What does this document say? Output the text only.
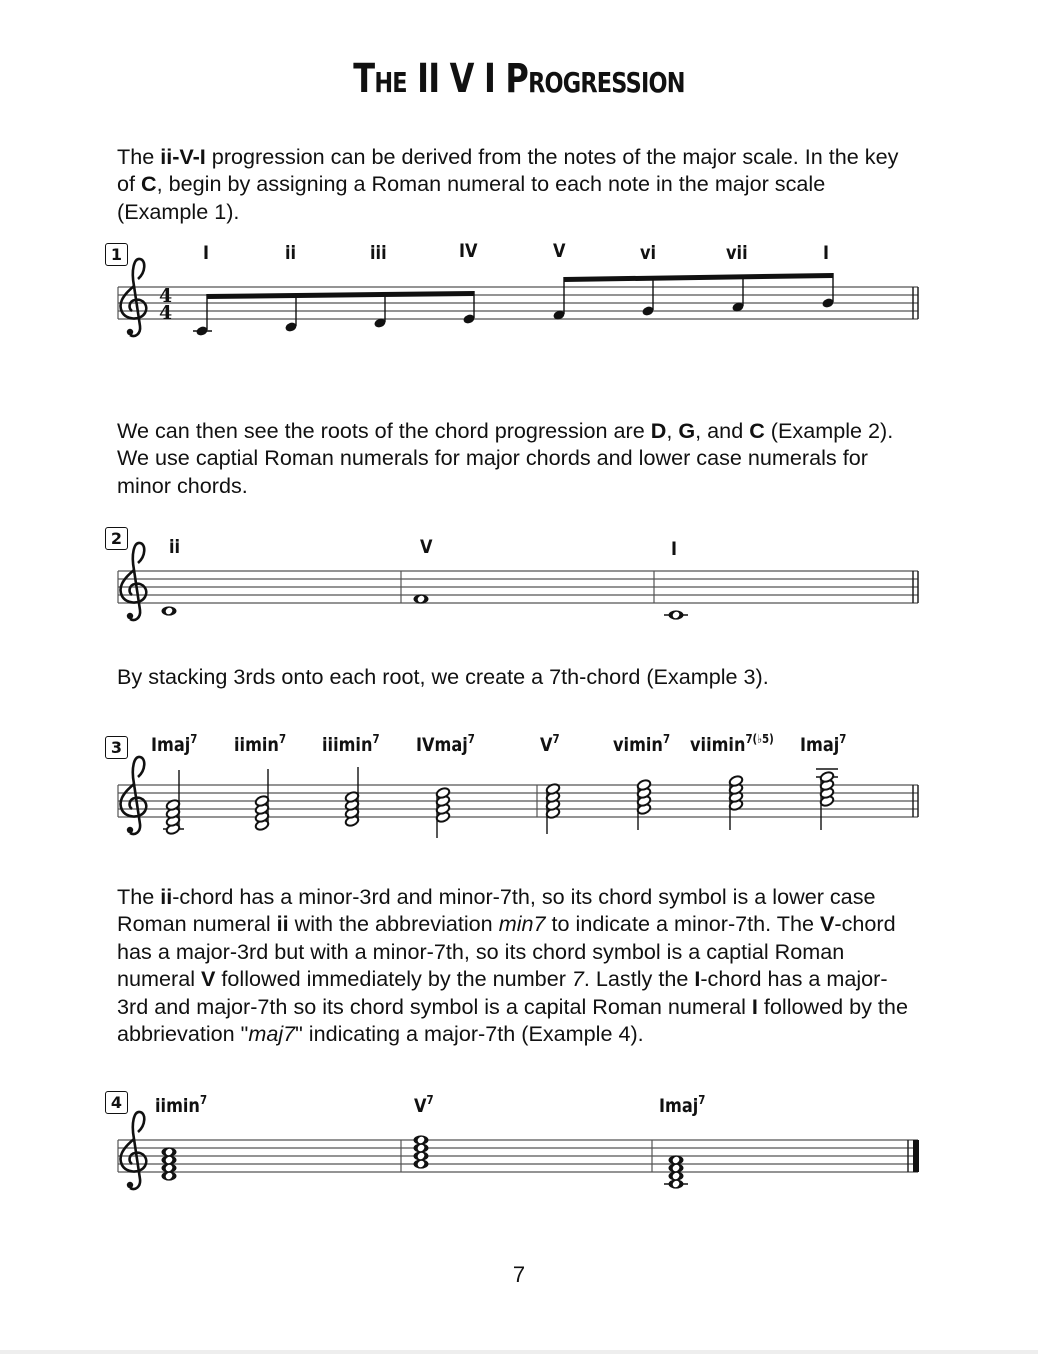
The II V I Progression

The ii-V-I progression can be derived from the notes of the major scale. In the key of C, begin by assigning a Roman numeral to each note in the major scale (Example 1).

1	I	ii	iii	IV	V	vi	vii	I
4
4

We can then see the roots of the chord progression are D, G, and C (Example 2). We use captial Roman numerals for major chords and lower case numerals for minor chords.

2	ii	V	I

By stacking 3rds onto each root, we create a 7th-chord (Example 3).

3	Imaj$^7$ iimin$^7$ iiimin$^7$ IVmaj$^7$	$V^7$	vimin$^7$ viimin$^{7(♭5)}$ Imaj$^7$

The ii-chord has a minor-3rd and minor-7th, so its chord symbol is a lower case Roman numeral ii with the abbreviation min7 to indicate a minor-7th. The V-chord has a major-3rd but with a minor-7th, so its chord symbol is a captial Roman numeral V followed immediately by the number 7. Lastly the I-chord has a major-3rd and major-7th so its chord symbol is a capital Roman numeral I followed by the abbrievation "maj7" indicating a major-7th (Example 4).

4	iimin$^7$	$V^7$	Imaj$^7$
7
